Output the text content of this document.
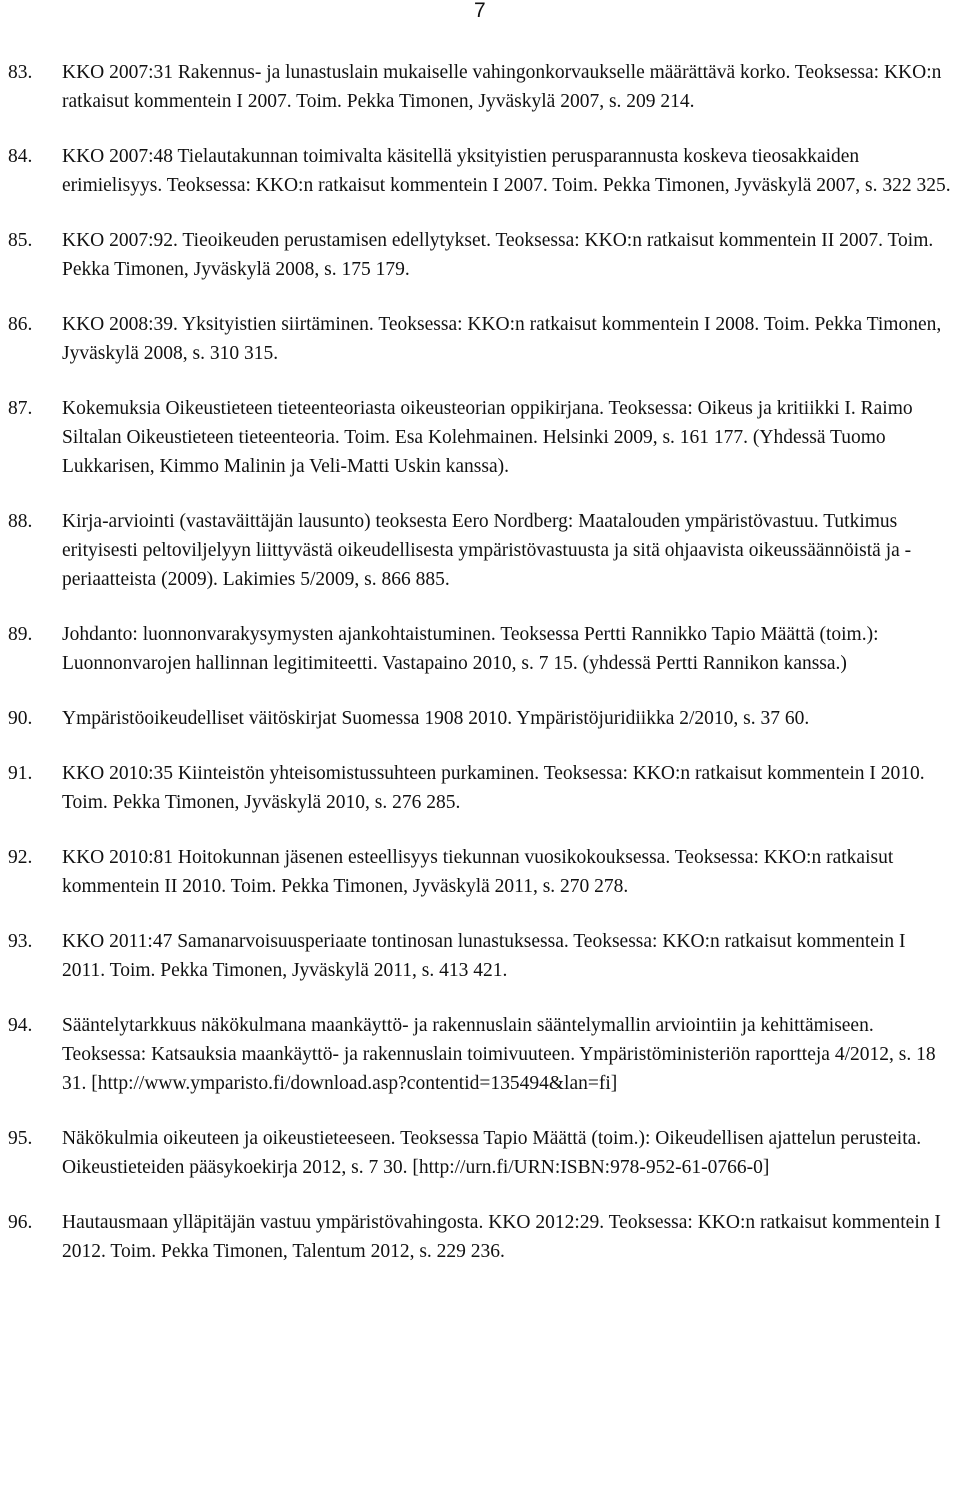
7
83. KKO 2007:31 Rakennus- ja lunastuslain mukaiselle vahingonkorvaukselle määrättävä korko. Teoksessa: KKO:n ratkaisut kommentein I 2007. Toim. Pekka Timonen, Jyväskylä 2007, s. 209 214.
84. KKO 2007:48 Tielautakunnan toimivalta käsitellä yksityistien perusparannusta koskeva tieosakkaiden erimielisyys. Teoksessa: KKO:n ratkaisut kommentein I 2007. Toim. Pekka Timonen, Jyväskylä 2007, s. 322 325.
85. KKO 2007:92. Tieoikeuden perustamisen edellytykset. Teoksessa: KKO:n ratkaisut kommentein II 2007. Toim. Pekka Timonen, Jyväskylä 2008, s. 175 179.
86. KKO 2008:39. Yksityistien siirtäminen. Teoksessa: KKO:n ratkaisut kommentein I 2008. Toim. Pekka Timonen, Jyväskylä 2008, s. 310 315.
87. Kokemuksia Oikeustieteen tieteenteoriasta oikeusteorian oppikirjana. Teoksessa: Oikeus ja kritiikki I. Raimo Siltalan Oikeustieteen tieteenteoria. Toim. Esa Kolehmainen. Helsinki 2009, s. 161 177. (Yhdessä Tuomo Lukkarisen, Kimmo Malinin ja Veli-Matti Uskin kanssa).
88. Kirja-arviointi (vastaväittäjän lausunto) teoksesta Eero Nordberg: Maatalouden ympäristövastuu. Tutkimus erityisesti peltoviljelyyn liittyvästä oikeudellisesta ympäristövastuusta ja sitä ohjaavista oikeussäännöistä ja -periaatteista (2009). Lakimies 5/2009, s. 866 885.
89. Johdanto: luonnonvarakysymysten ajankohtaistuminen. Teoksessa Pertti Rannikko Tapio Määttä (toim.): Luonnonvarojen hallinnan legitimiteetti. Vastapaino 2010, s. 7 15. (yhdessä Pertti Rannikon kanssa.)
90. Ympäristöoikeudelliset väitöskirjat Suomessa 1908 2010. Ympäristöjuridiikka 2/2010, s. 37 60.
91. KKO 2010:35 Kiinteistön yhteisomistussuhteen purkaminen. Teoksessa: KKO:n ratkaisut kommentein I 2010. Toim. Pekka Timonen, Jyväskylä 2010, s. 276 285.
92. KKO 2010:81 Hoitokunnan jäsenen esteellisyys tiekunnan vuosikokouksessa. Teoksessa: KKO:n ratkaisut kommentein II 2010. Toim. Pekka Timonen, Jyväskylä 2011, s. 270 278.
93. KKO 2011:47 Samanarvoisuusperiaate tontinosan lunastuksessa. Teoksessa: KKO:n ratkaisut kommentein I 2011. Toim. Pekka Timonen, Jyväskylä 2011, s. 413 421.
94. Sääntelytarkkuus näkökulmana maankäyttö- ja rakennuslain sääntelymallin arviointiin ja kehittämiseen. Teoksessa: Katsauksia maankäyttö- ja rakennuslain toimivuuteen. Ympäristöministeriön raportteja 4/2012, s. 18 31. [http://www.ymparisto.fi/download.asp?contentid=135494&lan=fi]
95. Näkökulmia oikeuteen ja oikeustieteeseen. Teoksessa Tapio Määttä (toim.): Oikeudellisen ajattelun perusteita. Oikeustieteiden pääsykoekirja 2012, s. 7 30. [http://urn.fi/URN:ISBN:978-952-61-0766-0]
96. Hautausmaan ylläpitäjän vastuu ympäristövahingosta. KKO 2012:29. Teoksessa: KKO:n ratkaisut kommentein I 2012. Toim. Pekka Timonen, Talentum 2012, s. 229 236.
